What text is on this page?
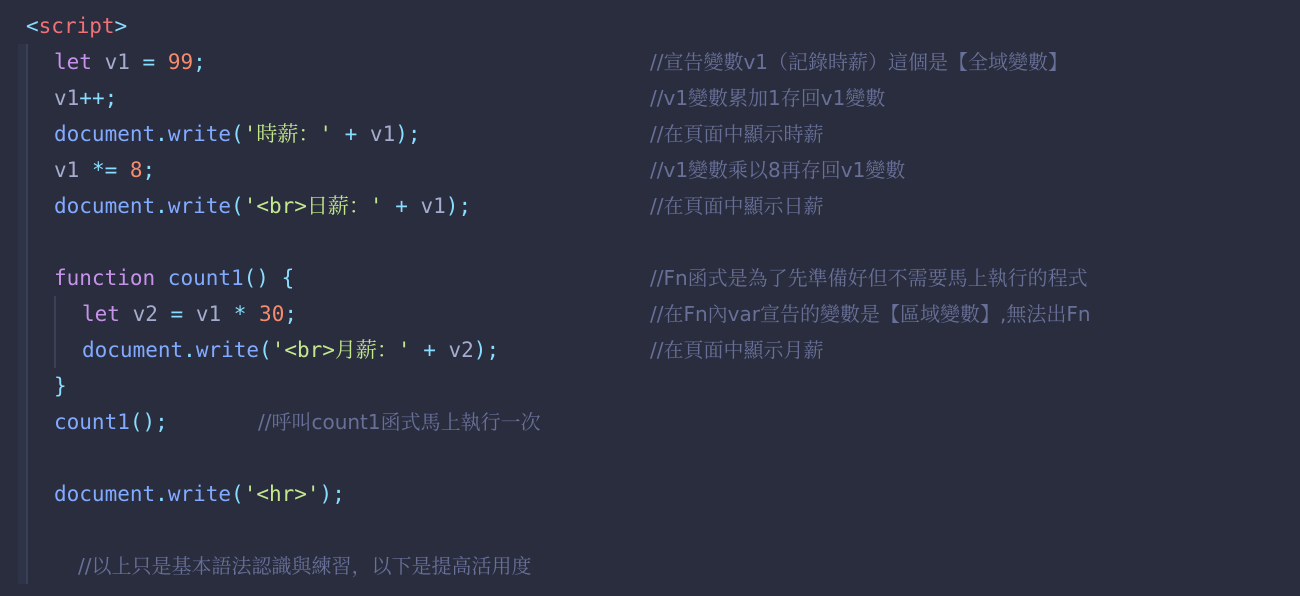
<script>
let v1 = 99;	//宣告變數v1（記錄時薪）這個是【全域變數】
v1++;	//v1變數累加1存回v1變數
document.write('時薪：' + v1);	//在頁面中顯示時薪
v1 *= 8;	//v1變數乘以8再存回v1變數
document.write('<br>日薪：' + v1);	//在頁面中顯示日薪
function count1() {	//Fn函式是為了先準備好但不需要馬上執行的程式
let v2 = v1 * 30;	//在Fn內var宣告的變數是【區域變數】,無法出Fn
document.write('<br>月薪：' + v2);	//在頁面中顯示月薪
}
count1();	//呼叫count1函式馬上執行一次
document.write('<hr>');
//以上只是基本語法認識與練習，以下是提高活用度
